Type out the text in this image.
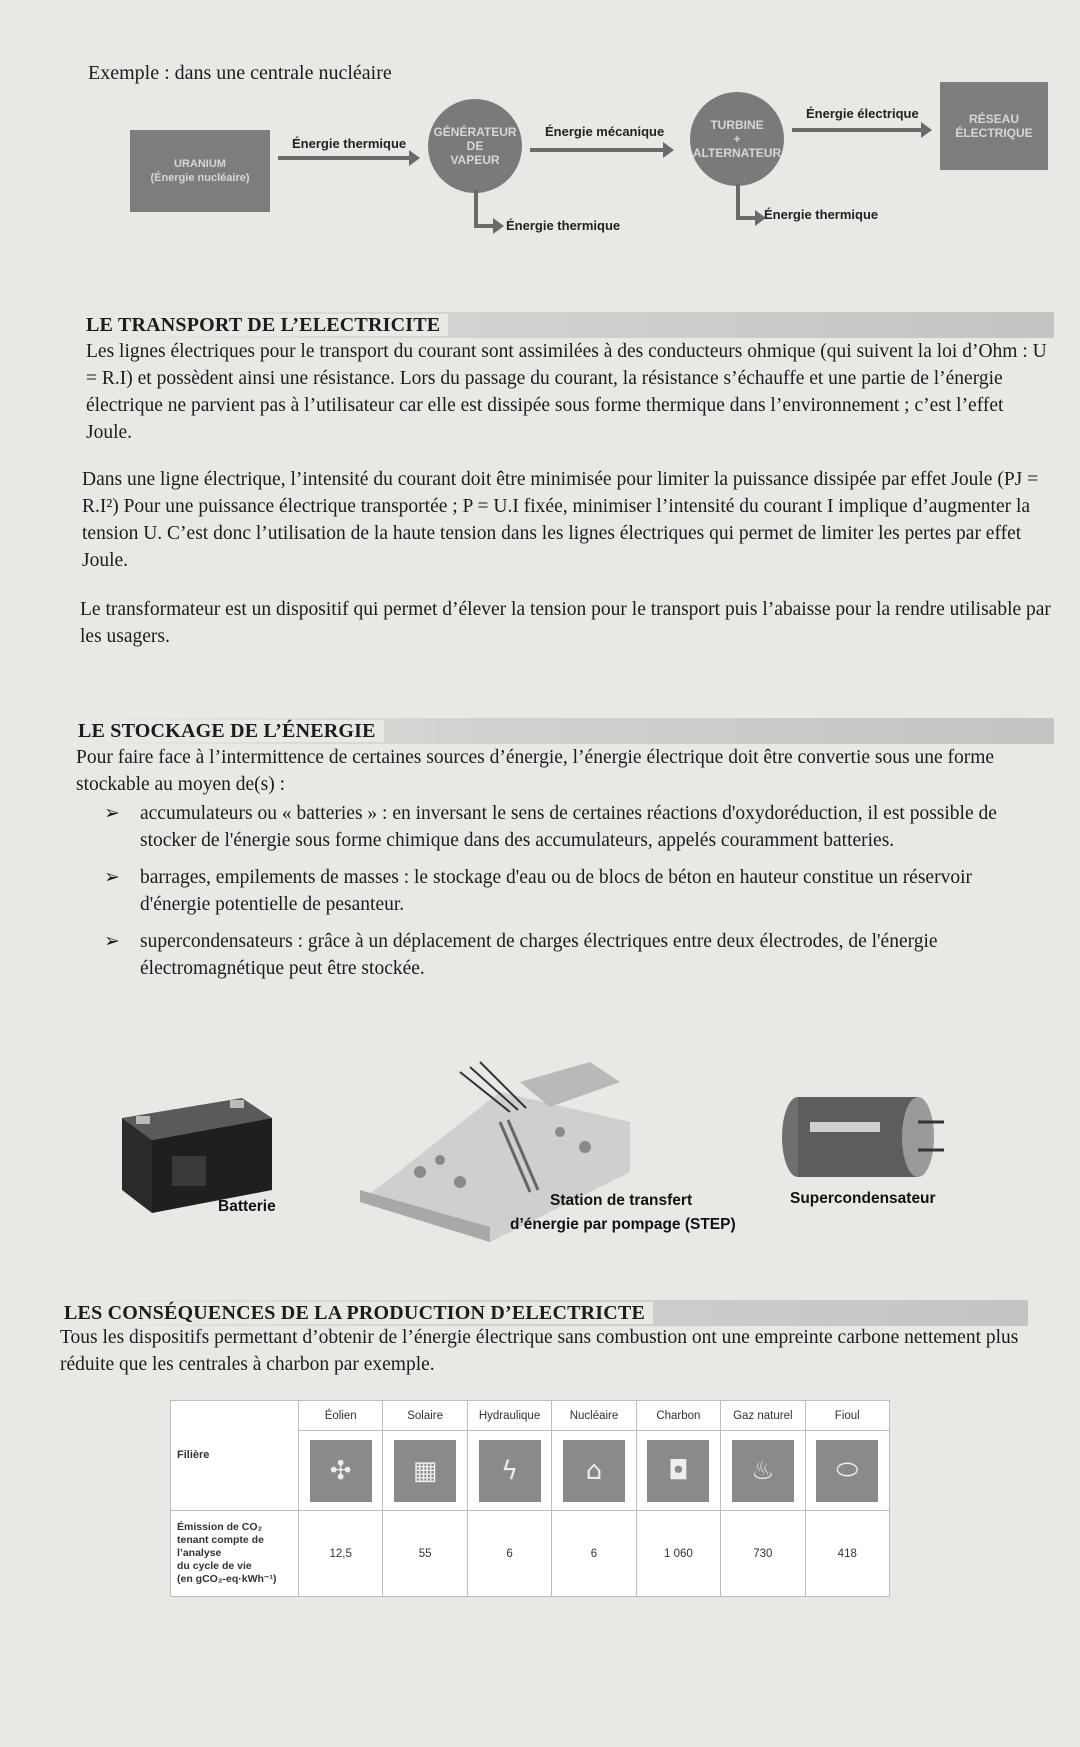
Exemple : dans une centrale nucléaire
URANIUM
(Énergie nucléaire)
Énergie thermique
GÉNÉRATEUR
DE
VAPEUR
Énergie mécanique
Énergie thermique
TURBINE
+
ALTERNATEUR
Énergie électrique
Énergie thermique
RÉSEAU
ÉLECTRIQUE
LE TRANSPORT DE L’ELECTRICITE

Les lignes électriques pour le transport du courant sont assimilées à des conducteurs ohmique (qui suivent la loi d’Ohm : U = R.I) et possèdent ainsi une résistance. Lors du passage du courant, la résistance s’échauffe et une partie de l’énergie électrique ne parvient pas à l’utilisateur car elle est dissipée sous forme thermique dans l’environnement ; c’est l’effet Joule.

Dans une ligne électrique, l’intensité du courant doit être minimisée pour limiter la puissance dissipée par effet Joule (PJ = R.I²) Pour une puissance électrique transportée ; P = U.I fixée, minimiser l’intensité du courant I implique d’augmenter la tension U. C’est donc l’utilisation de la haute tension dans les lignes électriques qui permet de limiter les pertes par effet Joule.

Le transformateur est un dispositif qui permet d’élever la tension pour le transport puis l’abaisse pour la rendre utilisable par les usagers.

LE STOCKAGE DE L’ÉNERGIE

Pour faire face à l’intermittence de certaines sources d’énergie, l’énergie électrique doit être convertie sous une forme stockable au moyen de(s) :

➢ accumulateurs ou « batteries » : en inversant le sens de certaines réactions d'oxydoréduction, il est possible de stocker de l'énergie sous forme chimique dans des accumulateurs, appelés couramment batteries.
➢ barrages, empilements de masses : le stockage d'eau ou de blocs de béton en hauteur constitue un réservoir d'énergie potentielle de pesanteur.
➢ supercondensateurs : grâce à un déplacement de charges électriques entre deux électrodes, de l'énergie électromagnétique peut être stockée.
Batterie	Station de transfert
d’énergie par pompage (STEP)
Supercondensateur
LES CONSÉQUENCES DE LA PRODUCTION D’ELECTRICTE

Tous les dispositifs permettant d’obtenir de l’énergie électrique sans combustion ont une empreinte carbone nettement plus réduite que les centrales à charbon par exemple.

Filière	Éolien	Solaire	Hydraulique	Nucléaire	Charbon	Gaz naturel	Fioul

✣	▦	ϟ	⌂	◘	♨	⬭

Émission de CO₂
tenant compte de
l’analyse
du cycle de vie
(en gCO₂-eq·kWh⁻¹)	12,5	55	6	6	1 060	730	418
